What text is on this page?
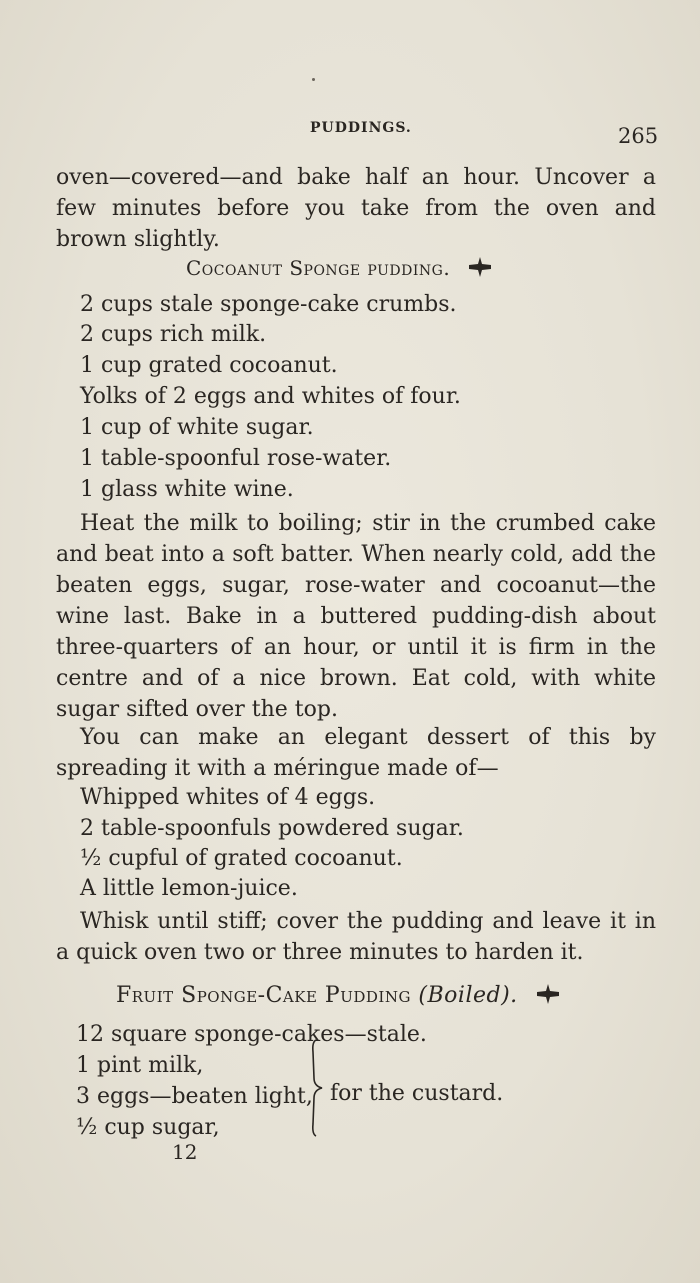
PUDDINGS.	265
oven—covered—and bake half an hour. Uncover a few minutes before you take from the oven and brown slightly.
Cocoanut Sponge pudding.
2 cups stale sponge-cake crumbs.
2 cups rich milk.
1 cup grated cocoanut.
Yolks of 2 eggs and whites of four.
1 cup of white sugar.
1 table-spoonful rose-water.
1 glass white wine.
Heat the milk to boiling; stir in the crumbed cake and beat into a soft batter. When nearly cold, add the beaten eggs, sugar, rose-water and cocoanut—the wine last. Bake in a buttered pudding-dish about three-quarters of an hour, or until it is firm in the centre and of a nice brown. Eat cold, with white sugar sifted over the top.
You can make an elegant dessert of this by spreading it with a méringue made of—
Whipped whites of 4 eggs.
2 table-spoonfuls powdered sugar.
½ cupful of grated cocoanut.
A little lemon-juice.
Whisk until stiff; cover the pudding and leave it in a quick oven two or three minutes to harden it.
Fruit Sponge-Cake Pudding (Boiled).
12 square sponge-cakes—stale.
1 pint milk,
3 eggs—beaten light,
½ cup sugar,
for the custard.
12
